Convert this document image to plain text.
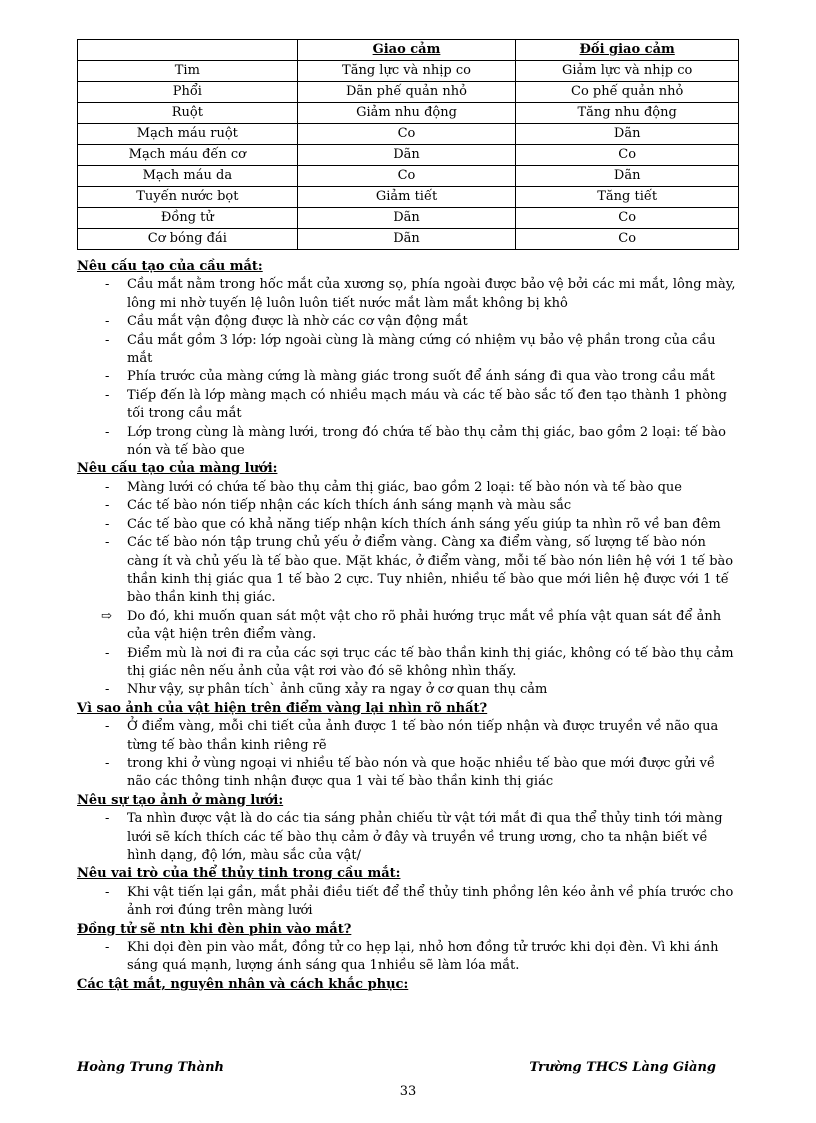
	Giao cảm	Đối giao cảm
Tim	Tăng lực và nhịp co	Giảm lực và nhịp co
Phổi	Dãn phế quản nhỏ	Co phế quản nhỏ
Ruột	Giảm nhu động	Tăng nhu động
Mạch máu ruột	Co	Dãn
Mạch máu đến cơ	Dãn	Co
Mạch máu da	Co	Dãn
Tuyến nước bọt	Giảm tiết	Tăng tiết
Đồng tử	Dãn	Co
Cơ bóng đái	Dãn	Co
Nêu cấu tạo của cầu mắt:
-	Cầu mắt nằm trong hốc mắt của xương sọ, phía ngoài được bảo vệ bởi các mi mắt, lông mày, lông mi nhờ tuyến lệ luôn luôn tiết nước mắt làm mắt không bị khô
-	Cầu mắt vận động được là nhờ các cơ vận động mắt
-	Cầu mắt gồm 3 lớp: lớp ngoài cùng là màng cứng có nhiệm vụ bảo vệ phần trong của cầu mắt
-	Phía trước của màng cứng là màng giác trong suốt để ánh sáng đi qua vào trong cầu mắt
-	Tiếp đến là lớp màng mạch có nhiều mạch máu và các tế bào sắc tố đen tạo thành 1 phòng tối trong cầu mắt
-	Lớp trong cùng là màng lưới, trong đó chứa tế bào thụ cảm thị giác, bao gồm 2 loại: tế bào nón và tế bào que
Nêu cấu tạo của màng lưới:
-	Màng lưới có chứa tế bào thụ cảm thị giác, bao gồm 2 loại: tế bào nón và tế bào que
-	Các tế bào nón tiếp nhận các kích thích ánh sáng mạnh và màu sắc
-	Các tế bào que có khả năng tiếp nhận kích thích ánh sáng yếu giúp ta nhìn rõ về ban đêm
-	Các tế bào nón tập trung chủ yếu ở điểm vàng. Càng xa điểm vàng, số lượng tế bào nón càng ít và chủ yếu là tế bào que. Mặt khác, ở điểm vàng, mỗi tế bào nón liên hệ với 1 tế bào thần kinh thị giác qua 1 tế bào 2 cực. Tuy nhiên, nhiều tế bào que mới liên hệ được với 1 tế bào thần kinh thị giác.
⇨ Do đó, khi muốn quan sát một vật cho rõ phải hướng trục mắt về phía vật quan sát để ảnh của vật hiện trên điểm vàng.
-	Điểm mù là nơi đi ra của các sợi trục các tế bào thần kinh thị giác, không có tế bào thụ cảm thị giác nên nếu ảnh của vật rơi vào đó sẽ không nhìn thấy.
-	Như vậy, sự phân tích` ảnh cũng xảy ra ngay ở cơ quan thụ cảm
Vì sao ảnh của vật hiện trên điểm vàng lại nhìn rõ nhất?
-	Ở điểm vàng, mỗi chi tiết của ảnh được 1 tế bào nón tiếp nhận và được truyền về não qua từng tế bào thần kinh riêng rẽ
-	trong khi ở vùng ngoại vi nhiều tế bào nón và que hoặc nhiều tế bào que mới được gửi về não các thông tinh nhận được qua 1 vài tế bào thần kinh thị giác
Nêu sự tạo ảnh ở màng lưới:
-	Ta nhìn được vật là do các tia sáng phản chiếu từ vật tới mắt đi qua thể thủy tinh tới màng lưới sẽ kích thích các tế bào thụ cảm ở đây và truyền về trung ương, cho ta nhận biết về hình dạng, độ lớn, màu sắc của vật/
Nêu vai trò của thể thủy tinh trong cầu mắt:
-	Khi vật tiến lại gần, mắt phải điều tiết để thể thủy tinh phồng lên kéo ảnh về phía trước cho ảnh rơi đúng trên màng lưới
Đồng tử sẽ ntn khi đèn phin vào mắt?
-	Khi dọi đèn pin vào mắt, đồng tử co hẹp lại, nhỏ hơn đồng tử trước khi dọi đèn. Vì khi ánh sáng quá mạnh, lượng ánh sáng qua 1nhiều sẽ làm lóa mắt.
Các tật mắt, nguyên nhân và cách khắc phục:
Hoàng Trung Thành	Trường THCS Làng Giàng
33
